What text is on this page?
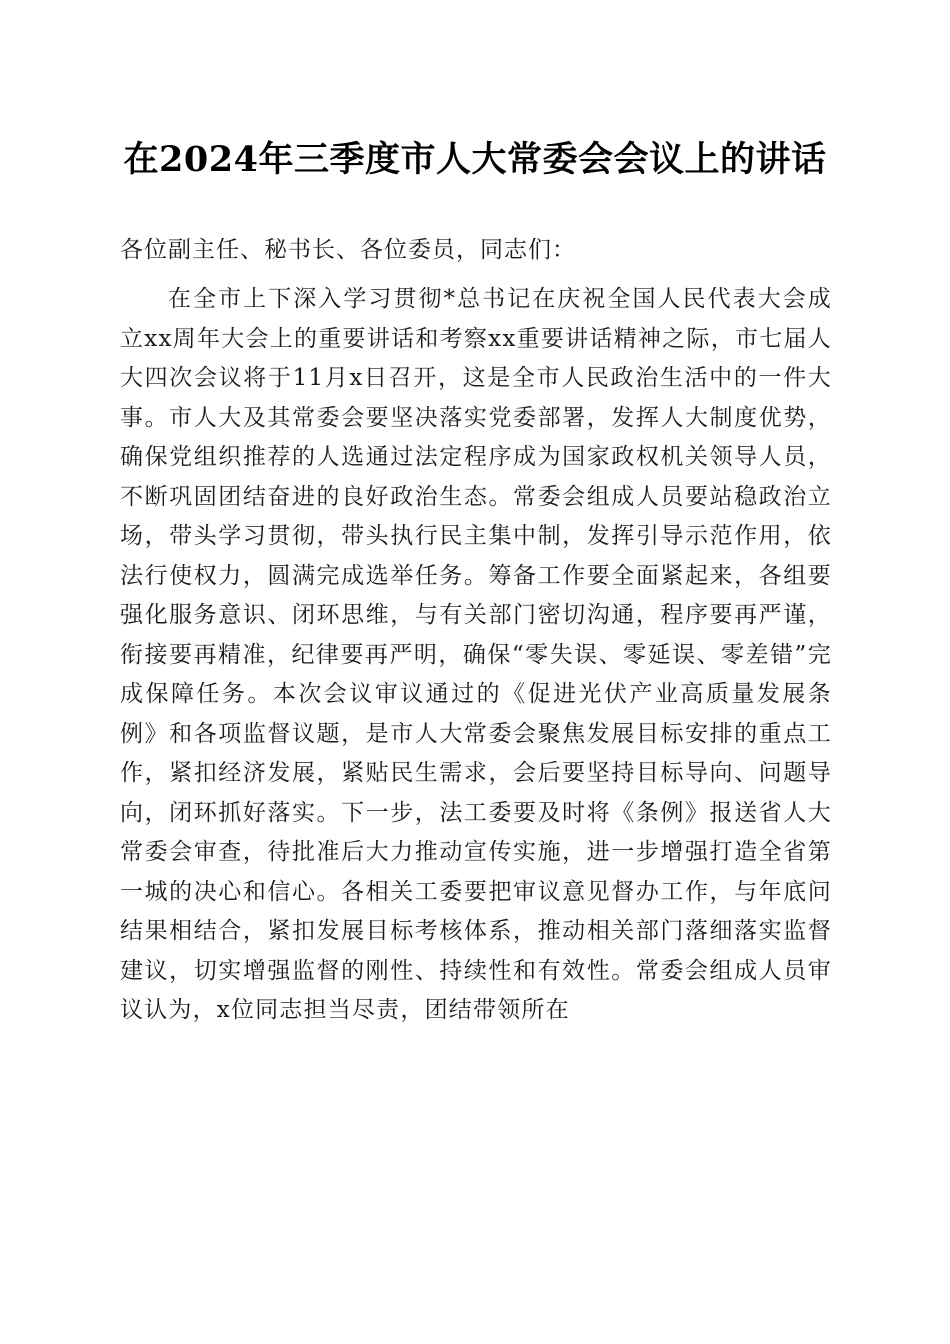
在2024年三季度市人大常委会会议上的讲话

各位副主任、秘书长、各位委员，同志们：

在全市上下深入学习贯彻*总书记在庆祝全国人民代表大会成立xx周年大会上的重要讲话和考察xx重要讲话精神之际，市七届人大四次会议将于11月x日召开，这是全市人民政治生活中的一件大事。市人大及其常委会要坚决落实党委部署，发挥人大制度优势，确保党组织推荐的人选通过法定程序成为国家政权机关领导人员，不断巩固团结奋进的良好政治生态。常委会组成人员要站稳政治立场，带头学习贯彻，带头执行民主集中制，发挥引导示范作用，依法行使权力，圆满完成选举任务。筹备工作要全面紧起来，各组要强化服务意识、闭环思维，与有关部门密切沟通，程序要再严谨，衔接要再精准，纪律要再严明，确保“零失误、零延误、零差错”完成保障任务。本次会议审议通过的《促进光伏产业高质量发展条例》和各项监督议题，是市人大常委会聚焦发展目标安排的重点工作，紧扣经济发展，紧贴民生需求，会后要坚持目标导向、问题导向，闭环抓好落实。下一步，法工委要及时将《条例》报送省人大常委会审查，待批准后大力推动宣传实施，进一步增强打造全省第一城的决心和信心。各相关工委要把审议意见督办工作，与年底问结果相结合，紧扣发展目标考核体系，推动相关部门落细落实监督建议，切实增强监督的刚性、持续性和有效性。常委会组成人员审议认为，x位同志担当尽责，团结带领所在
